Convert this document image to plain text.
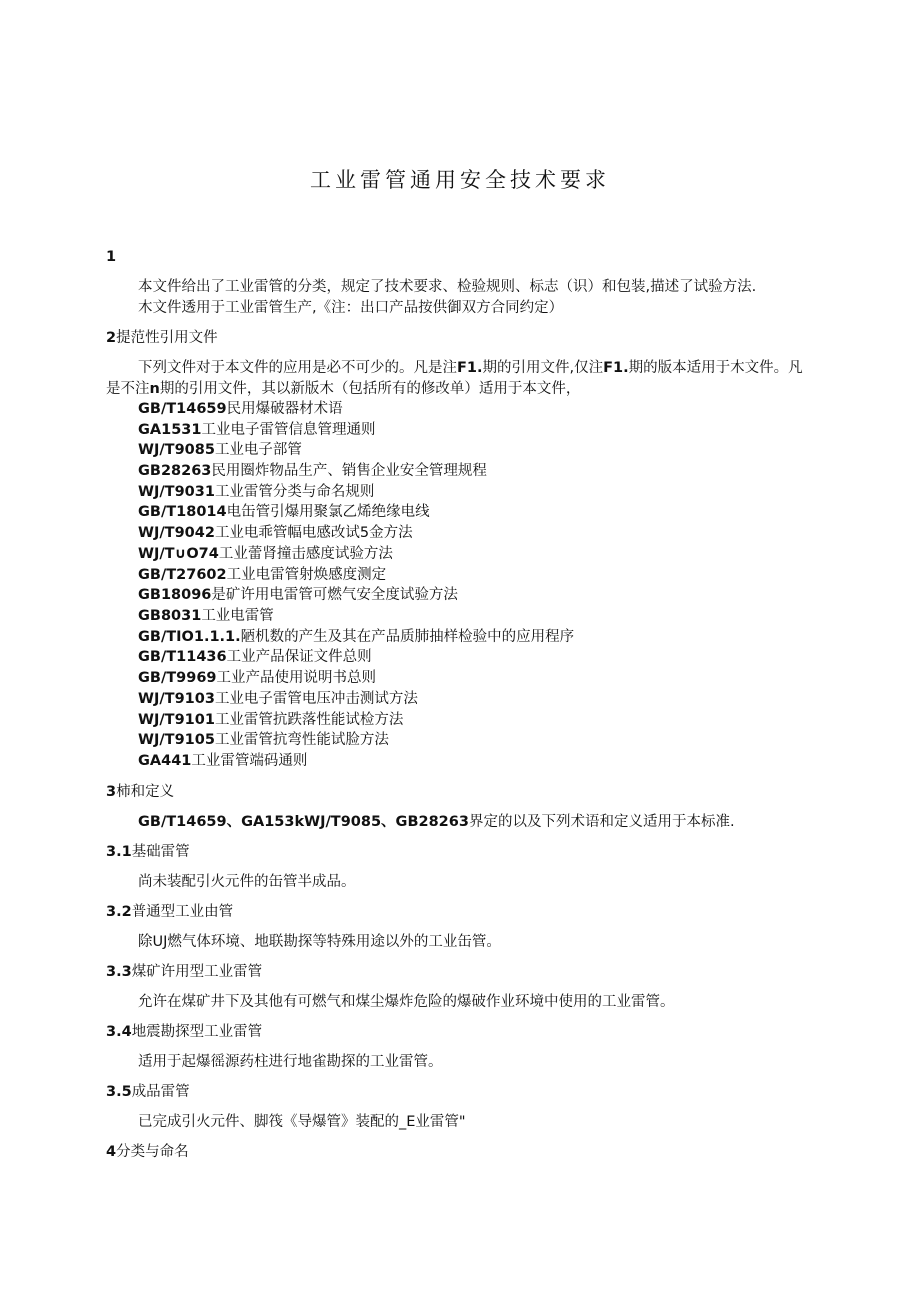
工业雷管通用安全技术要求
1
本文件给出了工业雷管的分类，规定了技术要求、检验规则、标志（识）和包装,描述了试验方法.
木文件透用于工业雷管生产,《注：出口产品按供御双方合同约定）
2提范性引用文件
下列文件对于本文件的应用是必不可少的。凡是注F1.期的引用文件,仅注F1.期的版本适用于木文件。凡
是不注n期的引用文件，其以新版木（包括所有的修改单）适用于本文件，
GB/T14659民用爆破器材术语
GA1531工业电子雷管信息管理通则
WJ/T9085工业电子部管
GB28263民用圈炸物品生产、销售企业安全管理规程
WJ/T9031工业雷管分类与命名规则
GB/T18014电缶管引爆用聚氯乙烯绝缘电线
WJ/T9042工业电乖管幅电感改试5金方法
WJ/T∪O74工业蕾肾撞击感度试验方法
GB/T27602工业电雷管射焕感度测定
GB18096是矿许用电雷管可燃气安全度试验方法
GB8031工业电雷管
GB/TIO1.1.1.陋机数的产生及其在产品质肺抽样检验中的应用程序
GB/T11436工业产品保证文件总则
GB/T9969工业产品使用说明书总则
WJ/T9103工业电子雷管电压冲击测试方法
WJ/T9101工业雷管抗跌落性能试检方法
WJ/T9105工业雷管抗弯性能试脸方法
GA441工业雷管端码通则
3柿和定义
GB/T14659、GA153kWJ/T9085、GB28263界定的以及下列术语和定义适用于本标准.
3.1基础雷管
尚未装配引火元件的缶管半成品。
3.2普通型工业由管
除UJ燃气体环境、地联勘探等特殊用途以外的工业缶管。
3.3煤矿许用型工业雷管
允许在煤矿井下及其他有可燃气和煤尘爆炸危险的爆破作业环境中使用的工业雷管。
3.4地震勘探型工业雷管
适用于起爆徭源药柱进行地雀勘探的工业雷管。
3.5成品雷管
已完成引火元件、脚筏《导爆管》装配的_E业雷管"
4分类与命名
